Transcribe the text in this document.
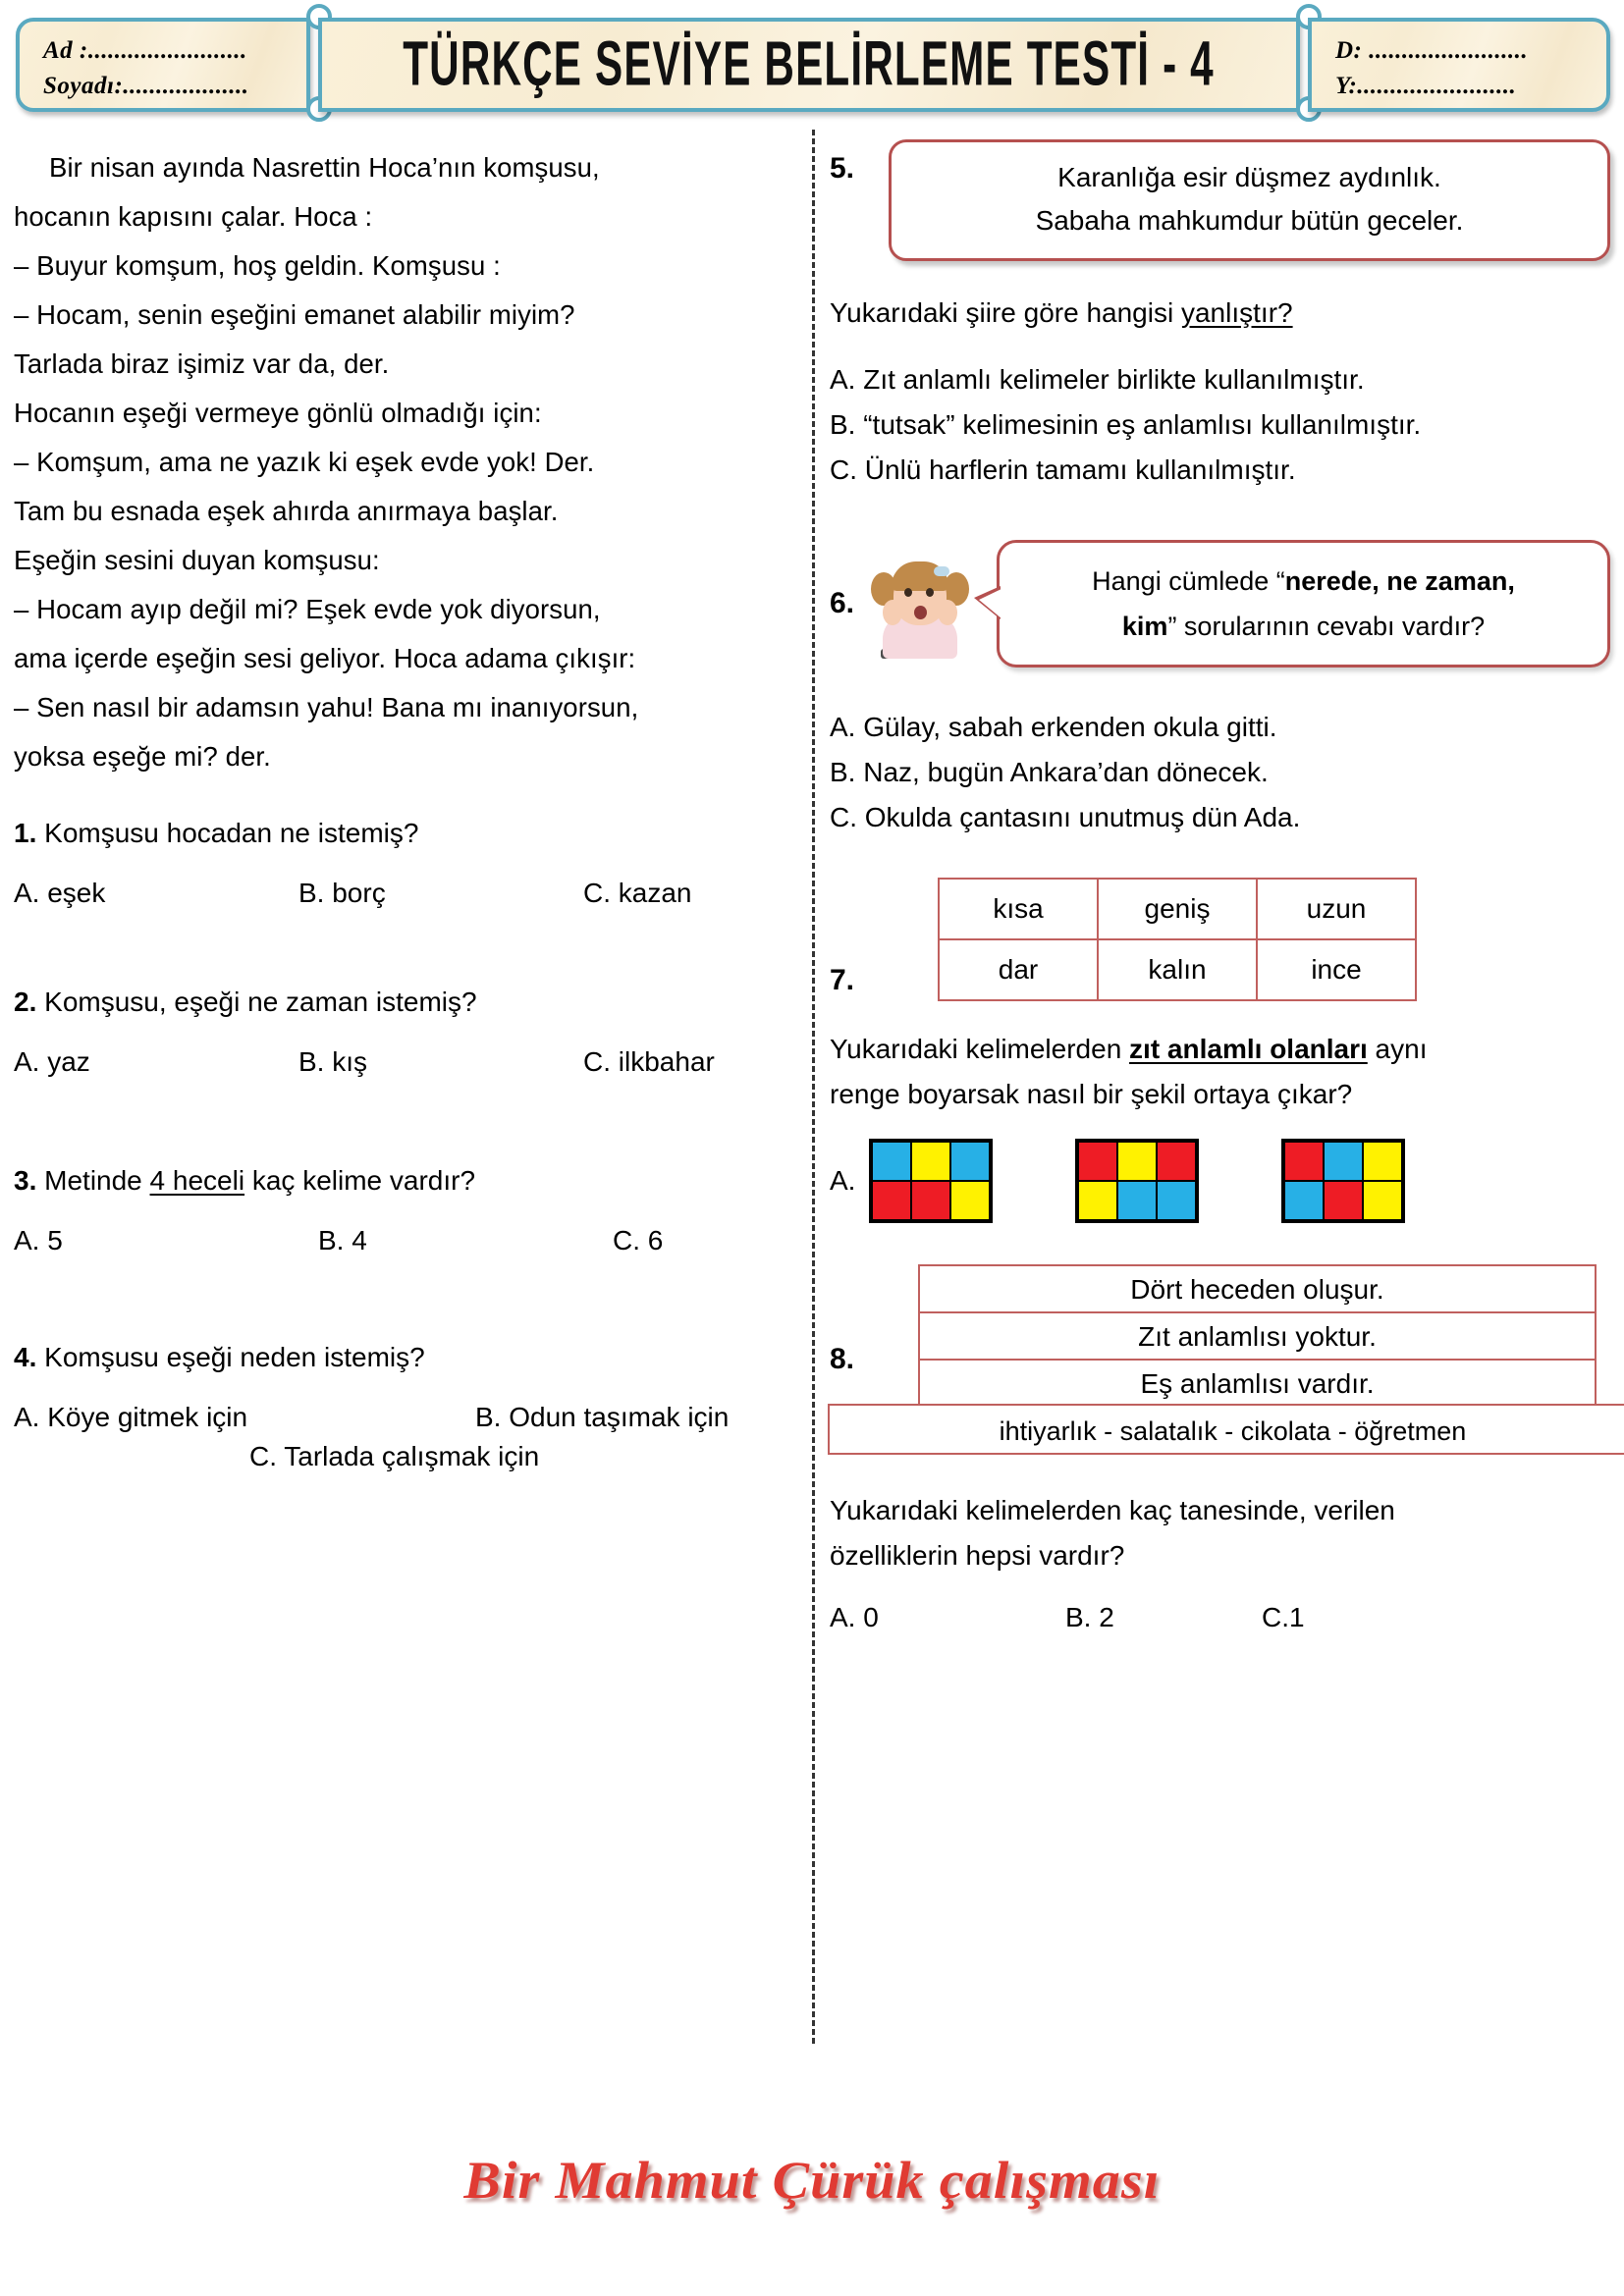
Ad :........................
Soyadı:...................	TÜRKÇE SEVİYE BELİRLEME TESTİ - 4	D: ........................
Y:........................
Bir nisan ayında Nasrettin Hoca’nın komşusu,
hocanın kapısını çalar. Hoca :
– Buyur komşum, hoş geldin. Komşusu :
– Hocam, senin eşeğini emanet alabilir miyim?
Tarlada biraz işimiz var da, der.
Hocanın eşeği vermeye gönlü olmadığı için:
– Komşum, ama ne yazık ki eşek evde yok! Der.
Tam bu esnada eşek ahırda anırmaya başlar.
Eşeğin sesini duyan komşusu:
– Hocam ayıp değil mi? Eşek evde yok diyorsun,
ama içerde eşeğin sesi geliyor. Hoca adama çıkışır:
– Sen nasıl bir adamsın yahu! Bana mı inanıyorsun,
yoksa eşeğe mi? der.
1. Komşusu hocadan ne istemiş?
A. eşek	B. borç	C. kazan
2. Komşusu, eşeği ne zaman istemiş?
A. yaz	B. kış	C. ilkbahar
3. Metinde 4 heceli kaç kelime vardır?
A. 5	B. 4	C. 6
4. Komşusu eşeği neden istemiş?
A. Köye gitmek için	B. Odun taşımak için
C. Tarlada çalışmak için
5.	Karanlığa esir düşmez aydınlık.
Sabaha mahkumdur bütün geceler.
Yukarıdaki şiire göre hangisi yanlıştır?
A. Zıt anlamlı kelimeler birlikte kullanılmıştır.
B. “tutsak” kelimesinin eş anlamlısı kullanılmıştır.
C. Ünlü harflerin tamamı kullanılmıştır.
6.
Hangi cümlede “nerede, ne zaman,
kim” sorularının cevabı vardır?
A. Gülay, sabah erkenden okula gitti.
B. Naz, bugün Ankara’dan dönecek.
C. Okulda çantasını unutmuş dün Ada.
7.
kısa	geniş	uzun
dar	kalın	ince
Yukarıdaki kelimelerden zıt anlamlı olanları aynı
renge boyarsak nasıl bir şekil ortaya çıkar?
A.
8.
Dört heceden oluşur.
Zıt anlamlısı yoktur.
Eş anlamlısı vardır.
ihtiyarlık - salatalık - cikolata - öğretmen
Yukarıdaki kelimelerden kaç tanesinde, verilen
özelliklerin hepsi vardır?
A. 0	B. 2	C.1
Bir Mahmut Çürük çalışması
